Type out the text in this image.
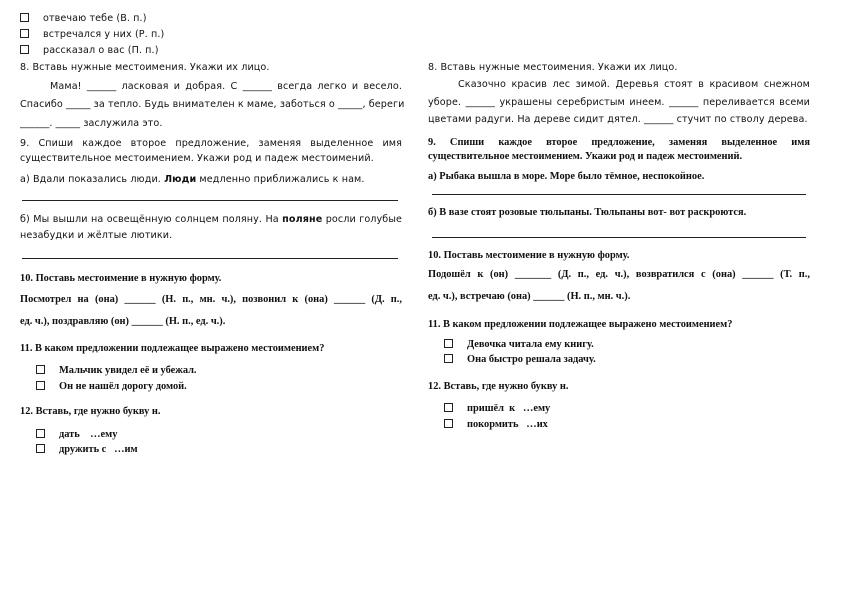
отвечаю тебе (В. п.)
встречался у них (Р. п.)
рассказал о вас (П. п.)
8. Вставь нужные местоимения. Укажи их лицо.
Мама! ______ ласковая и добрая. С ______ всегда легко и весело.
Спасибо _____ за тепло. Будь внимателен к маме, заботься о _____, береги
______. _____ заслужила это.
9. Спиши каждое второе предложение, заменяя выделенное имя
существительное местоимением. Укажи род и падеж местоимений.
а) Вдали показались люди. Люди медленно приближались к нам.
б) Мы вышли на освещённую солнцем поляну. На поляне росли голубые
незабудки и жёлтые лютики.
10. Поставь местоимение в нужную форму.
Посмотрел на (она) ______ (Н. п., мн. ч.), позвонил к (она) ______ (Д. п.,
ед. ч.), поздравляю (он) ______ (Н. п., ед. ч.).
11. В каком предложении подлежащее выражено местоимением?
Мальчик увидел её и убежал.
Он не нашёл дорогу домой.
12. Вставь, где нужно букву н.
дать    …ему
дружить с   …им
8. Вставь нужные местоимения. Укажи их лицо.
Сказочно красив лес зимой. Деревья стоят в красивом снежном
уборе. ______ украшены серебристым инеем. ______ переливается всеми
цветами радуги. На дереве сидит дятел. ______ стучит по стволу дерева.
9. Спиши каждое второе предложение, заменяя выделенное имя
существительное местоимением. Укажи род и падеж местоимений.
а) Рыбака вышла в море. Море было тёмное, неспокойное.
б) В вазе стоят розовые тюльпаны. Тюльпаны вот- вот раскроются.
10. Поставь местоимение в нужную форму.
Подошёл к (он) _______ (Д. п., ед. ч.), возвратился с (она) ______ (Т. п.,
ед. ч.), встречаю (она) ______ (Н. п., мн. ч.).
11. В каком предложении подлежащее выражено местоимением?
Девочка читала ему книгу.
Она быстро решала задачу.
12. Вставь, где нужно букву н.
пришёл  к   …ему
покормить   …их
